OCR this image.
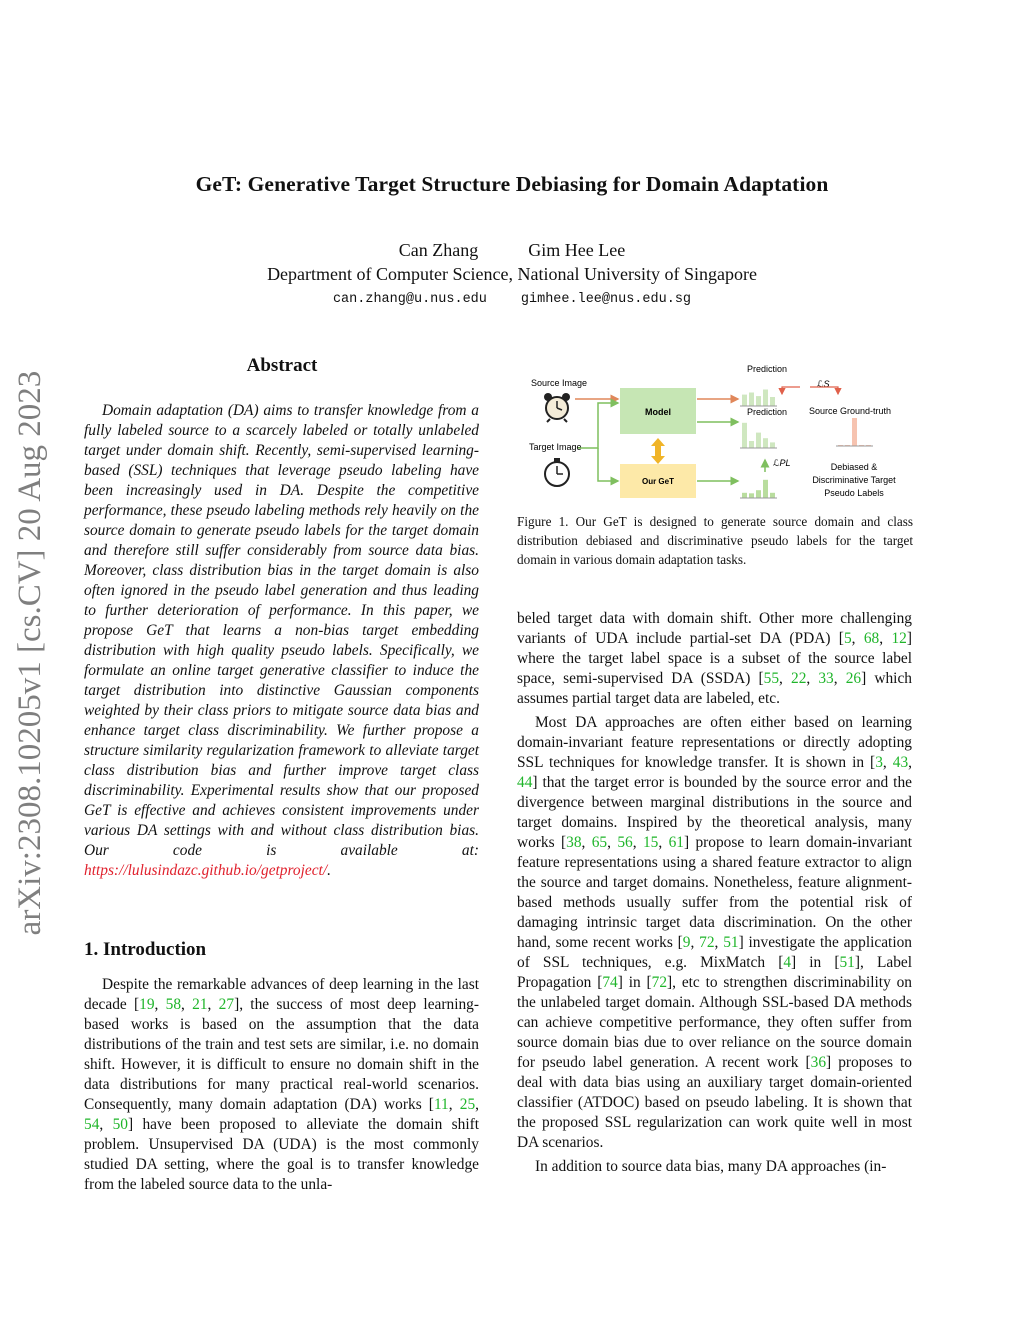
GeT: Generative Target Structure Debiasing for Domain Adaptation
Can Zhang	Gim Hee Lee
Department of Computer Science, National University of Singapore
can.zhang@u.nus.edu	gimhee.lee@nus.edu.sg
arXiv:2308.10205v1 [cs.CV] 20 Aug 2023
Abstract
Domain adaptation (DA) aims to transfer knowledge from a fully labeled source to a scarcely labeled or totally unlabeled target under domain shift. Recently, semi-supervised learning-based (SSL) techniques that leverage pseudo labeling have been increasingly used in DA. Despite the competitive performance, these pseudo labeling methods rely heavily on the source domain to generate pseudo labels for the target domain and therefore still suffer considerably from source data bias. Moreover, class distribution bias in the target domain is also often ignored in the pseudo label generation and thus leading to further deterioration of performance. In this paper, we propose GeT that learns a non-bias target embedding distribution with high quality pseudo labels. Specifically, we formulate an online target generative classifier to induce the target distribution into distinctive Gaussian components weighted by their class priors to mitigate source data bias and enhance target class discriminability. We further propose a structure similarity regularization framework to alleviate target class distribution bias and further improve target class discriminability. Experimental results show that our proposed GeT is effective and achieves consistent improvements under various DA settings with and without class distribution bias. Our code is available at: https://lulusindazc.github.io/getproject/.
1. Introduction
Despite the remarkable advances of deep learning in the last decade [19, 58, 21, 27], the success of most deep learning-based works is based on the assumption that the data distributions of the train and test sets are similar, i.e. no domain shift. However, it is difficult to ensure no domain shift in the data distributions for many practical real-world scenarios. Consequently, many domain adaptation (DA) works [11, 25, 54, 50] have been proposed to alleviate the domain shift problem. Unsupervised DA (UDA) is the most commonly studied DA setting, where the goal is to transfer knowledge from the labeled source data to the unla-
Source Image
Target Image
Model
Our GeT
Prediction
Prediction
ℒS
ℒPL
Source Ground-truth
Debiased &
Discriminative Target
Pseudo Labels
Figure 1. Our GeT is designed to generate source domain and class distribution debiased and discriminative pseudo labels for the target domain in various domain adaptation tasks.

beled target data with domain shift. Other more challenging variants of UDA include partial-set DA (PDA) [5, 68, 12] where the target label space is a subset of the source label space, semi-supervised DA (SSDA) [55, 22, 33, 26] which assumes partial target data are labeled, etc.

Most DA approaches are often either based on learning domain-invariant feature representations or directly adopting SSL techniques for knowledge transfer. It is shown in [3, 43, 44] that the target error is bounded by the source error and the divergence between marginal distributions in the source and target domains. Inspired by the theoretical analysis, many works [38, 65, 56, 15, 61] propose to learn domain-invariant feature representations using a shared feature extractor to align the source and target domains. Nonetheless, feature alignment-based methods usually suffer from the potential risk of damaging intrinsic target data discrimination. On the other hand, some recent works [9, 72, 51] investigate the application of SSL techniques, e.g. MixMatch [4] in [51], Label Propagation [74] in [72], etc to strengthen discriminability on the unlabeled target domain. Although SSL-based DA methods can achieve competitive performance, they often suffer from source domain bias due to over reliance on the source domain for pseudo label generation. A recent work [36] proposes to deal with data bias using an auxiliary target domain-oriented classifier (ATDOC) based on pseudo labeling. It is shown that the proposed SSL regularization can work quite well in most DA scenarios.

In addition to source data bias, many DA approaches (in-
